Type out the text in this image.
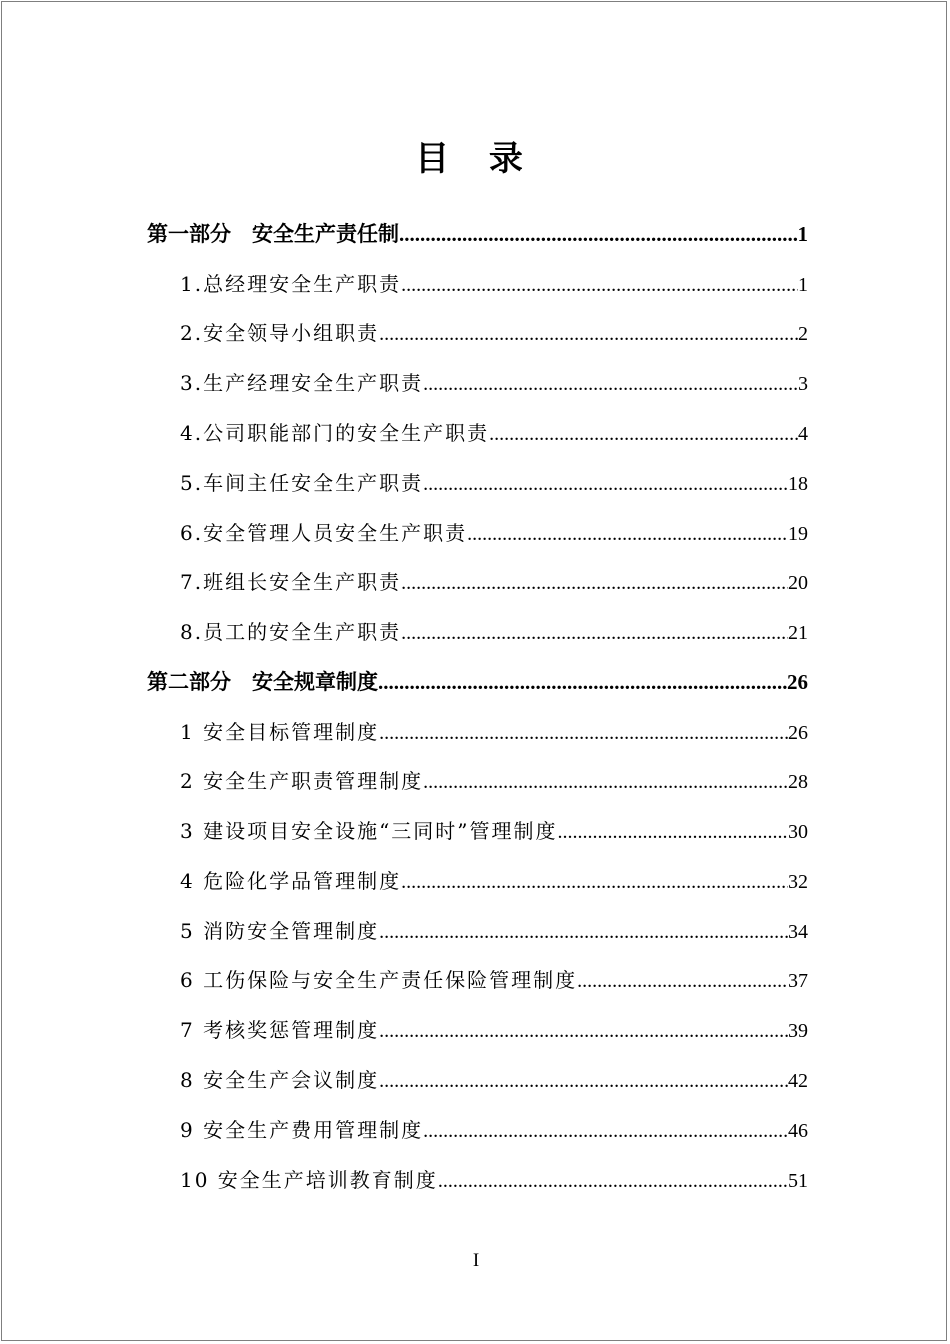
目 录
第一部分　安全生产责任制 .....	1
1.总经理安全生产职责 .....	1
2.安全领导小组职责 .....	2
3.生产经理安全生产职责 .....	3
4.公司职能部门的安全生产职责 .....	4
5.车间主任安全生产职责 .....	18
6.安全管理人员安全生产职责 .....	19
7.班组长安全生产职责 .....	20
8.员工的安全生产职责 .....	21
第二部分　安全规章制度 .....	26
1 安全目标管理制度 .....	26
2 安全生产职责管理制度 .....	28
3 建设项目安全设施“三同时”管理制度 .....	30
4 危险化学品管理制度 .....	32
5 消防安全管理制度 .....	34
6 工伤保险与安全生产责任保险管理制度 .....	37
7 考核奖惩管理制度 .....	39
8 安全生产会议制度 .....	42
9 安全生产费用管理制度 .....	46
10 安全生产培训教育制度 .....	51
I
